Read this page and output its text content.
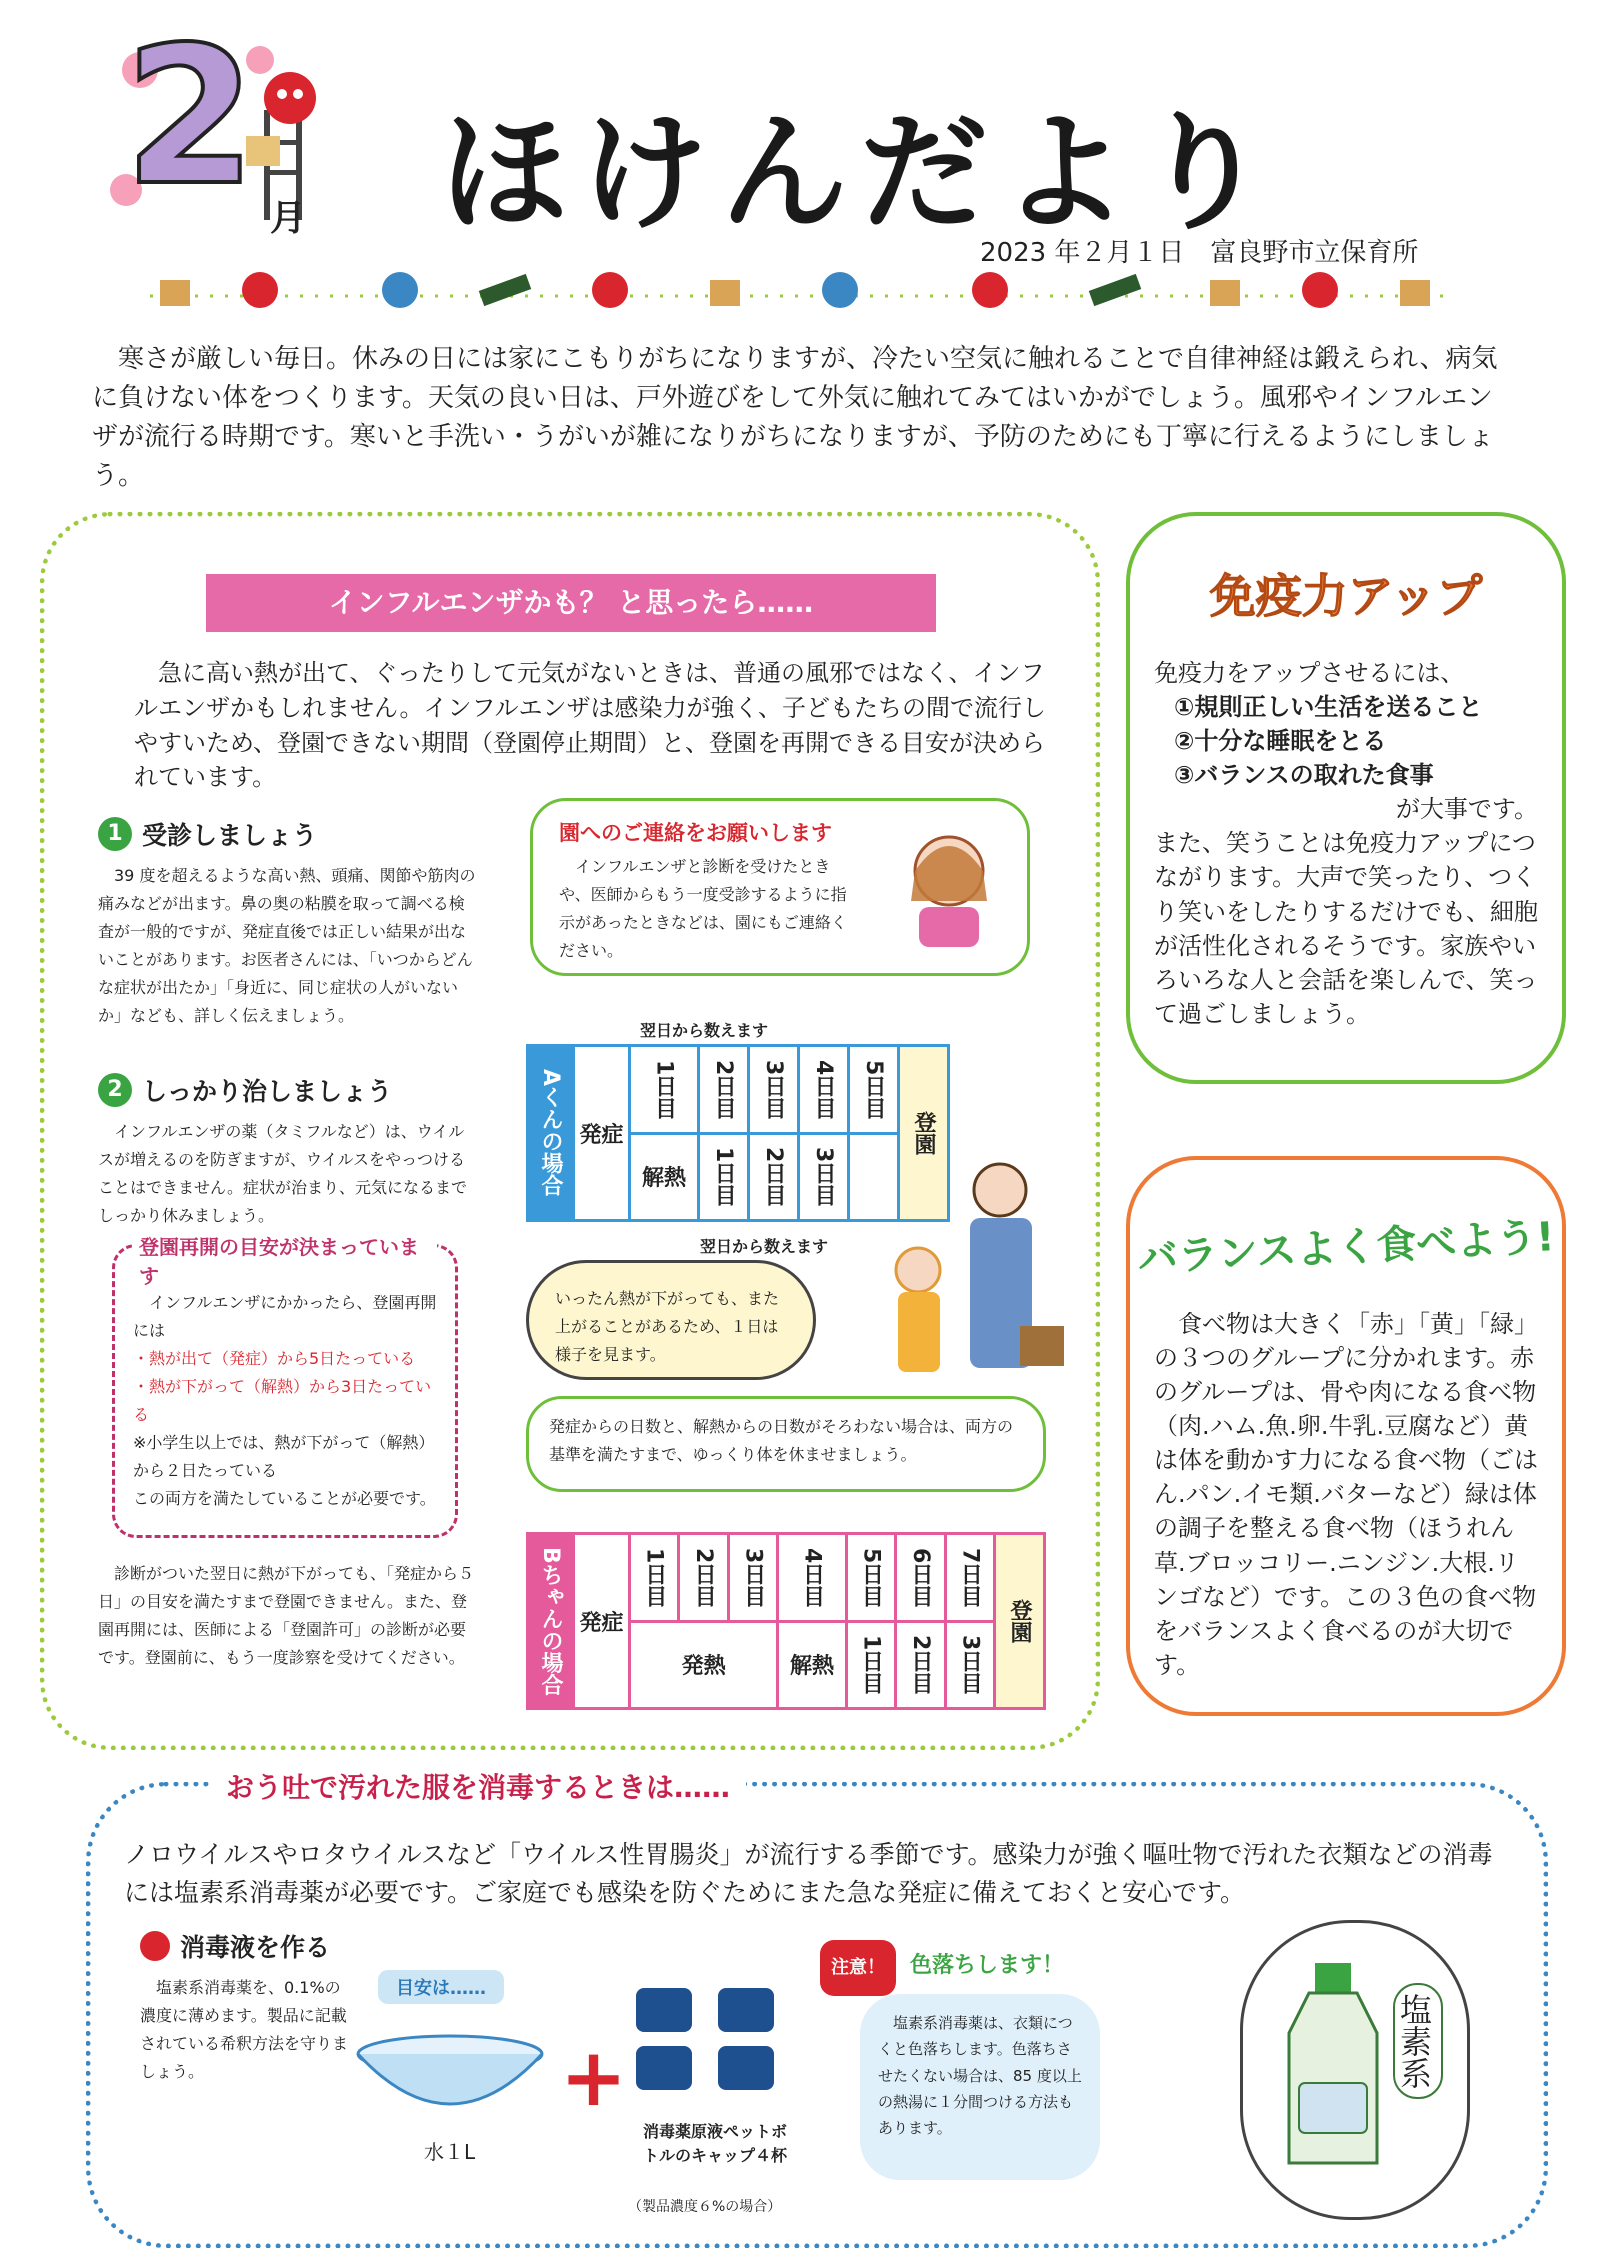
2 月 ほけんだより
2023 年２月１日　富良野市立保育所

寒さが厳しい毎日。休みの日には家にこもりがちになりますが、冷たい空気に触れることで自律神経は鍛えられ、病気に負けない体をつくります。天気の良い日は、戸外遊びをして外気に触れてみてはいかがでしょう。風邪やインフルエンザが流行る時期です。寒いと手洗い・うがいが雑になりがちになりますが、予防のためにも丁寧に行えるようにしましょう。

インフルエンザかも？ と思ったら……

急に高い熱が出て、ぐったりして元気がないときは、普通の風邪ではなく、インフルエンザかもしれません。インフルエンザは感染力が強く、子どもたちの間で流行しやすいため、登園できない期間（登園停止期間）と、登園を再開できる目安が決められています。

1 受診しましょう

39 度を超えるような高い熱、頭痛、関節や筋肉の痛みなどが出ます。鼻の奥の粘膜を取って調べる検査が一般的ですが、発症直後では正しい結果が出ないことがあります。お医者さんには、「いつからどんな症状が出たか」「身近に、同じ症状の人がいないか」なども、詳しく伝えましょう。

2 しっかり治しましょう

インフルエンザの薬（タミフルなど）は、ウイルスが増えるのを防ぎますが、ウイルスをやっつけることはできません。症状が治まり、元気になるまでしっかり休みましょう。

登園再開の目安が決まっています

インフルエンザにかかったら、登園再開には

・熱が出て（発症）から5日たっている

・熱が下がって（解熱）から3日たっている

※小学生以上では、熱が下がって（解熱）から２日たっている

この両方を満たしていることが必要です。

診断がついた翌日に熱が下がっても、「発症から５日」の目安を満たすまで登園できません。また、登園再開には、医師による「登園許可」の診断が必要です。登園前に、もう一度診察を受けてください。

園へのご連絡をお願いします

インフルエンザと診断を受けたときや、医師からもう一度受診するように指示があったときなどは、園にもご連絡ください。

翌日から数えます
Aくんの場合	発症	1日目	2日目	3日目	4日目	5日目	登園
		解熱	1日目	2日目	3日目		
翌日から数えます

いったん熱が下がっても、また上がることがあるため、１日は様子を見ます。

発症からの日数と、解熱からの日数がそろわない場合は、両方の基準を満たすまで、ゆっくり体を休ませましょう。

Bちゃんの場合	発症	1日目	2日目	3日目	4日目	5日目	6日目	7日目	登園
		発熱			解熱	1日目	2日目	3日目	
免疫力アップ

免疫力をアップさせるには、

①規則正しい生活を送ること

②十分な睡眠をとる

③バランスの取れた食事

が大事です。

また、笑うことは免疫力アップにつながります。大声で笑ったり、つくり笑いをしたりするだけでも、細胞が活性化されるそうです。家族やいろいろな人と会話を楽しんで、笑って過ごしましょう。

バランスよく食べよう!

食べ物は大きく「赤」「黄」「緑」の３つのグループに分かれます。赤のグループは、骨や肉になる食べ物（肉.ハム.魚.卵.牛乳.豆腐など）黄は体を動かす力になる食べ物（ごはん.パン.イモ類.バターなど）緑は体の調子を整える食べ物（ほうれん草.ブロッコリー.ニンジン.大根.リンゴなど）です。この３色の食べ物をバランスよく食べるのが大切です。

おう吐で汚れた服を消毒するときは……

ノロウイルスやロタウイルスなど「ウイルス性胃腸炎」が流行する季節です。感染力が強く嘔吐物で汚れた衣類などの消毒には塩素系消毒薬が必要です。ご家庭でも感染を防ぐためにまた急な発症に備えておくと安心です。

消毒液を作る

塩素系消毒薬を、0.1%の濃度に薄めます。製品に記載されている希釈方法を守りましょう。

目安は……
水１L
+

消毒薬原液ペットボトルのキャップ４杯

（製品濃度６%の場合）
注意！	色落ちします！

塩素系消毒薬は、衣類につくと色落ちします。色落ちさせたくない場合は、85 度以上の熱湯に１分間つける方法もあります。

塩素系
